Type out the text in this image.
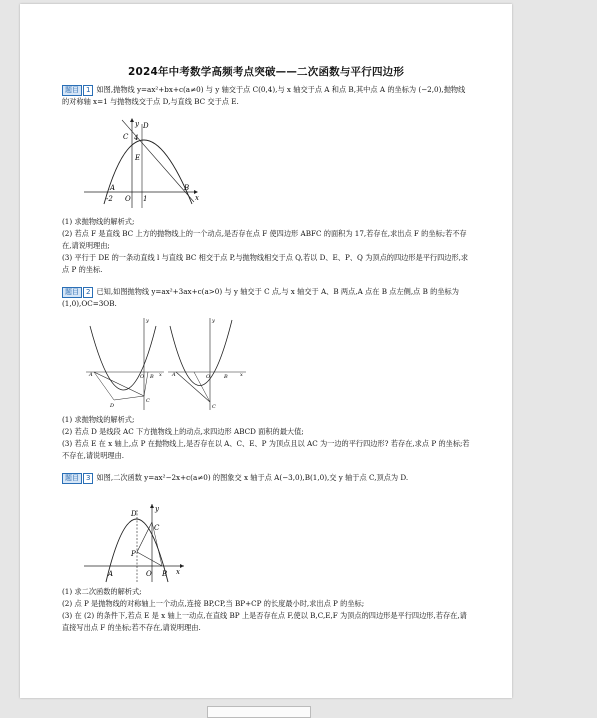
2024年中考数学高频考点突破——二次函数与平行四边形
题目 1 如图,抛物线 y=ax²+bx+c(a≠0) 与 y 轴交于点 C(0,4),与 x 轴交于点 A 和点 B,其中点 A 的坐标为 (−2,0),抛物线的对称轴 x=1 与抛物线交于点 D,与直线 BC 交于点 E.
C
D
4
E
A
-2 O 1
B
x
y
(1) 求抛物线的解析式;
(2) 若点 F 是直线 BC 上方的抛物线上的一个动点,是否存在点 F 使四边形 ABFC 的面积为 17,若存在,求出点 F 的坐标;若不存在,请说明理由;
(3) 平行于 DE 的一条动直线 l 与直线 BC 相交于点 P,与抛物线相交于点 Q,若以 D、E、P、Q 为顶点的四边形是平行四边形,求点 P 的坐标.
题目 2 已知,如图抛物线 y=ax²+3ax+c(a>0) 与 y 轴交于 C 点,与 x 轴交于 A、B 两点,A 点在 B 点左侧,点 B 的坐标为 (1,0),OC=3OB.
A	O B
C
D
x
y
A	O	B
C
x
y
(1) 求抛物线的解析式;
(2) 若点 D 是线段 AC 下方抛物线上的动点,求四边形 ABCD 面积的最大值;
(3) 若点 E 在 x 轴上,点 P 在抛物线上,是否存在以 A、C、E、P 为顶点且以 AC 为一边的平行四边形? 若存在,求点 P 的坐标;若不存在,请说明理由.
题目 3 如图,二次函数 y=ax²−2x+c(a≠0) 的图象交 x 轴于点 A(−3,0),B(1,0),交 y 轴于点 C,顶点为 D.
D
C
P
A	O B x
y
(1) 求二次函数的解析式;
(2) 点 P 是抛物线的对称轴上一个动点,连接 BP,CP,当 BP+CP 的长度最小时,求出点 P 的坐标;
(3) 在 (2) 的条件下,若点 E 是 x 轴上一动点,在直线 BP 上是否存在点 F,使以 B,C,E,F 为顶点的四边形是平行四边形,若存在,请直接写出点 F 的坐标;若不存在,请说明理由.
